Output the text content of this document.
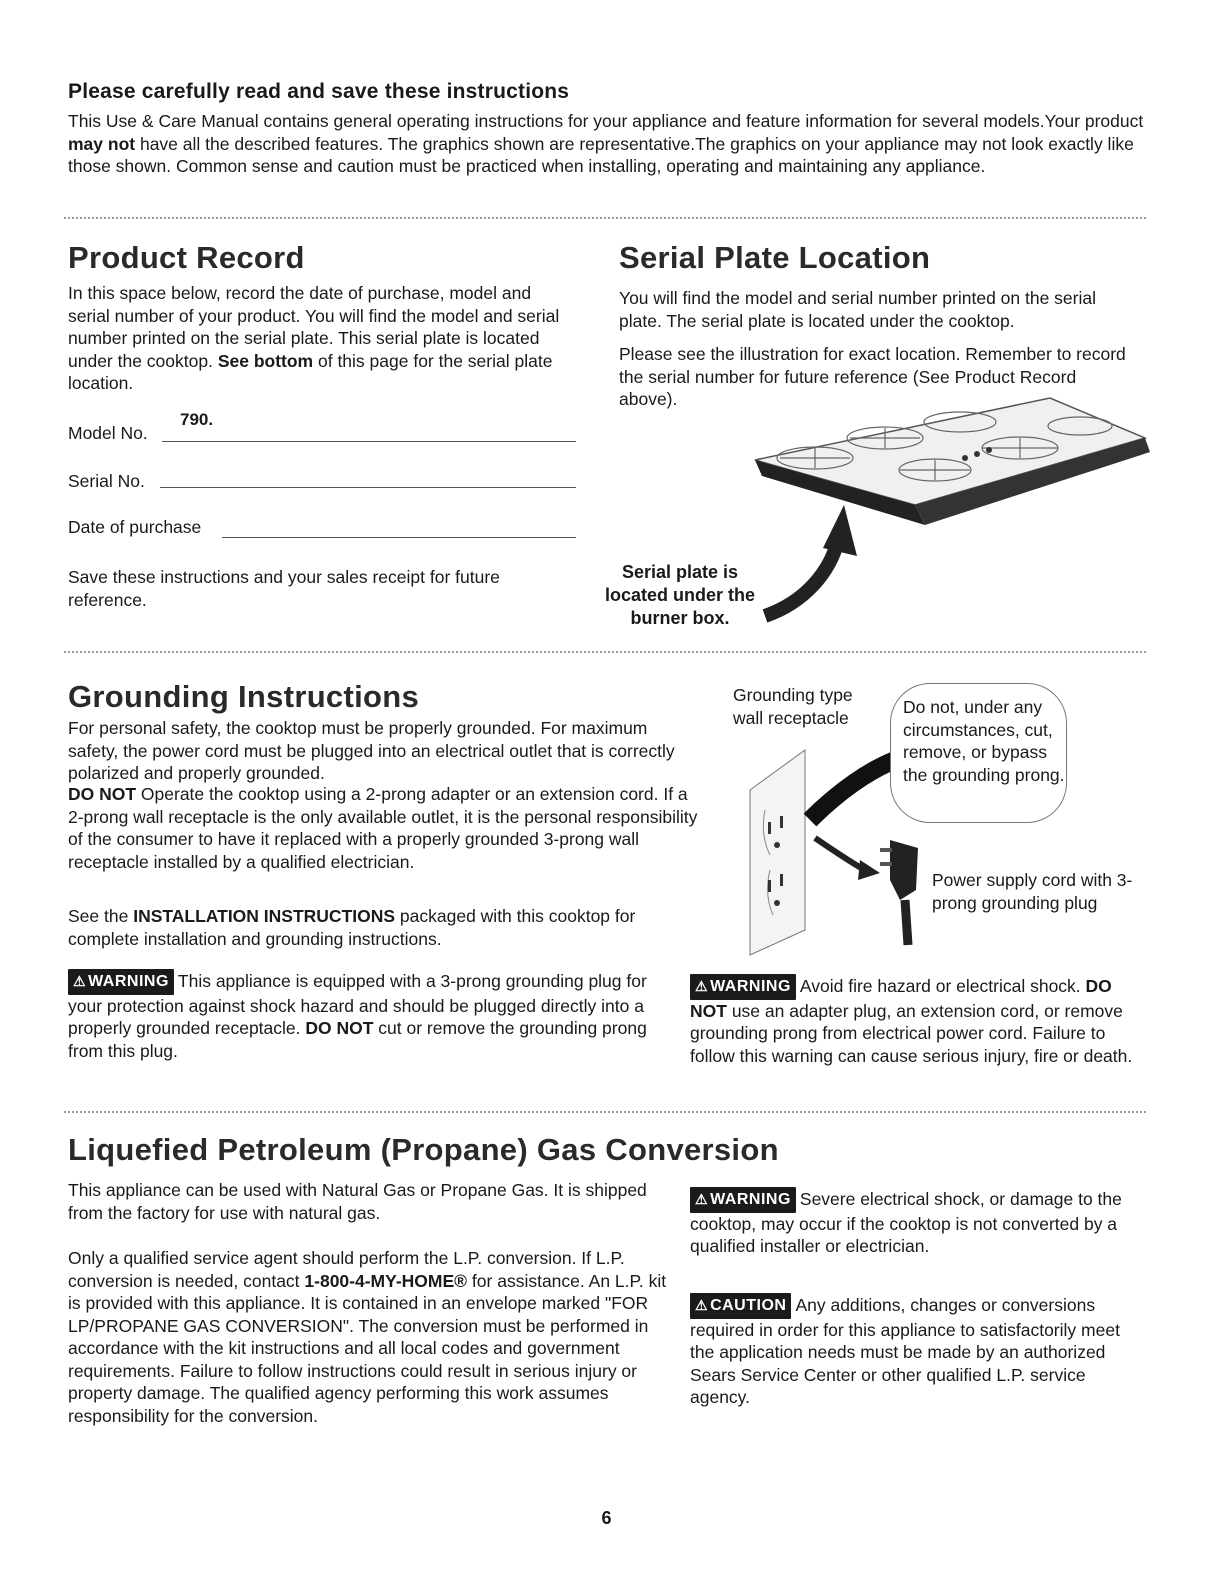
Please carefully read and save these instructions
This Use & Care Manual contains general operating instructions for your appliance and feature information for several models.Your product may not have all the described features. The graphics shown are representative.The graphics on your appliance may not look exactly like those shown. Common sense and caution must be practiced when installing, operating and maintaining any appliance.
Product Record
In this space below, record the date of purchase, model and serial number of your product. You will find the model and serial number printed on the serial plate. This serial plate is located under the cooktop. See bottom of this page for the serial plate location.
Model No.
790.
Serial No.
Date of purchase
Save these instructions and your sales receipt for future reference.
Serial Plate Location
You will find the model and serial number printed on the serial plate. The serial plate is located under the cooktop.
Please see the illustration for exact location. Remember to record the serial number for future reference (See Product Record above).
Serial plate is
located under the
burner box.
Grounding Instructions
For personal safety, the cooktop must be properly grounded. For maximum safety, the power cord must be plugged into an electrical outlet that is correctly polarized and properly grounded.
DO NOT Operate the cooktop using a 2-prong adapter or an extension cord. If a 2-prong wall receptacle is the only available outlet, it is the personal responsibility of the consumer to have it replaced with a properly grounded 3-prong wall receptacle installed by a qualified electrician.
See the INSTALLATION INSTRUCTIONS packaged with this cooktop for complete installation and grounding instructions.
Grounding type wall receptacle
Do not, under any circumstances, cut, remove, or bypass the grounding prong.
Power supply cord with 3-prong grounding plug
⚠ WARNING This appliance is equipped with a 3-prong grounding plug for your protection against shock hazard and should be plugged directly into a properly grounded receptacle. DO NOT cut or remove the grounding prong from this plug.
⚠ WARNING Avoid fire hazard or electrical shock. DO NOT use an adapter plug, an extension cord, or remove grounding prong from electrical power cord. Failure to follow this warning can cause serious injury, fire or death.
Liquefied Petroleum (Propane) Gas Conversion
This appliance can be used with Natural Gas or Propane Gas. It is shipped from the factory for use with natural gas.
Only a qualified service agent should perform the L.P. conversion. If L.P. conversion is needed, contact 1-800-4-MY-HOME® for assistance. An L.P. kit is provided with this appliance. It is contained in an envelope marked "FOR LP/PROPANE GAS CONVERSION". The conversion must be performed in accordance with the kit instructions and all local codes and government requirements. Failure to follow instructions could result in serious injury or property damage. The qualified agency performing this work assumes responsibility for the conversion.
⚠ WARNING Severe electrical shock, or damage to the cooktop, may occur if the cooktop is not converted by a qualified installer or electrician.
⚠ CAUTION Any additions, changes or conversions required in order for this appliance to satisfactorily meet the application needs must be made by an authorized Sears Service Center or other qualified L.P. service agency.
6
